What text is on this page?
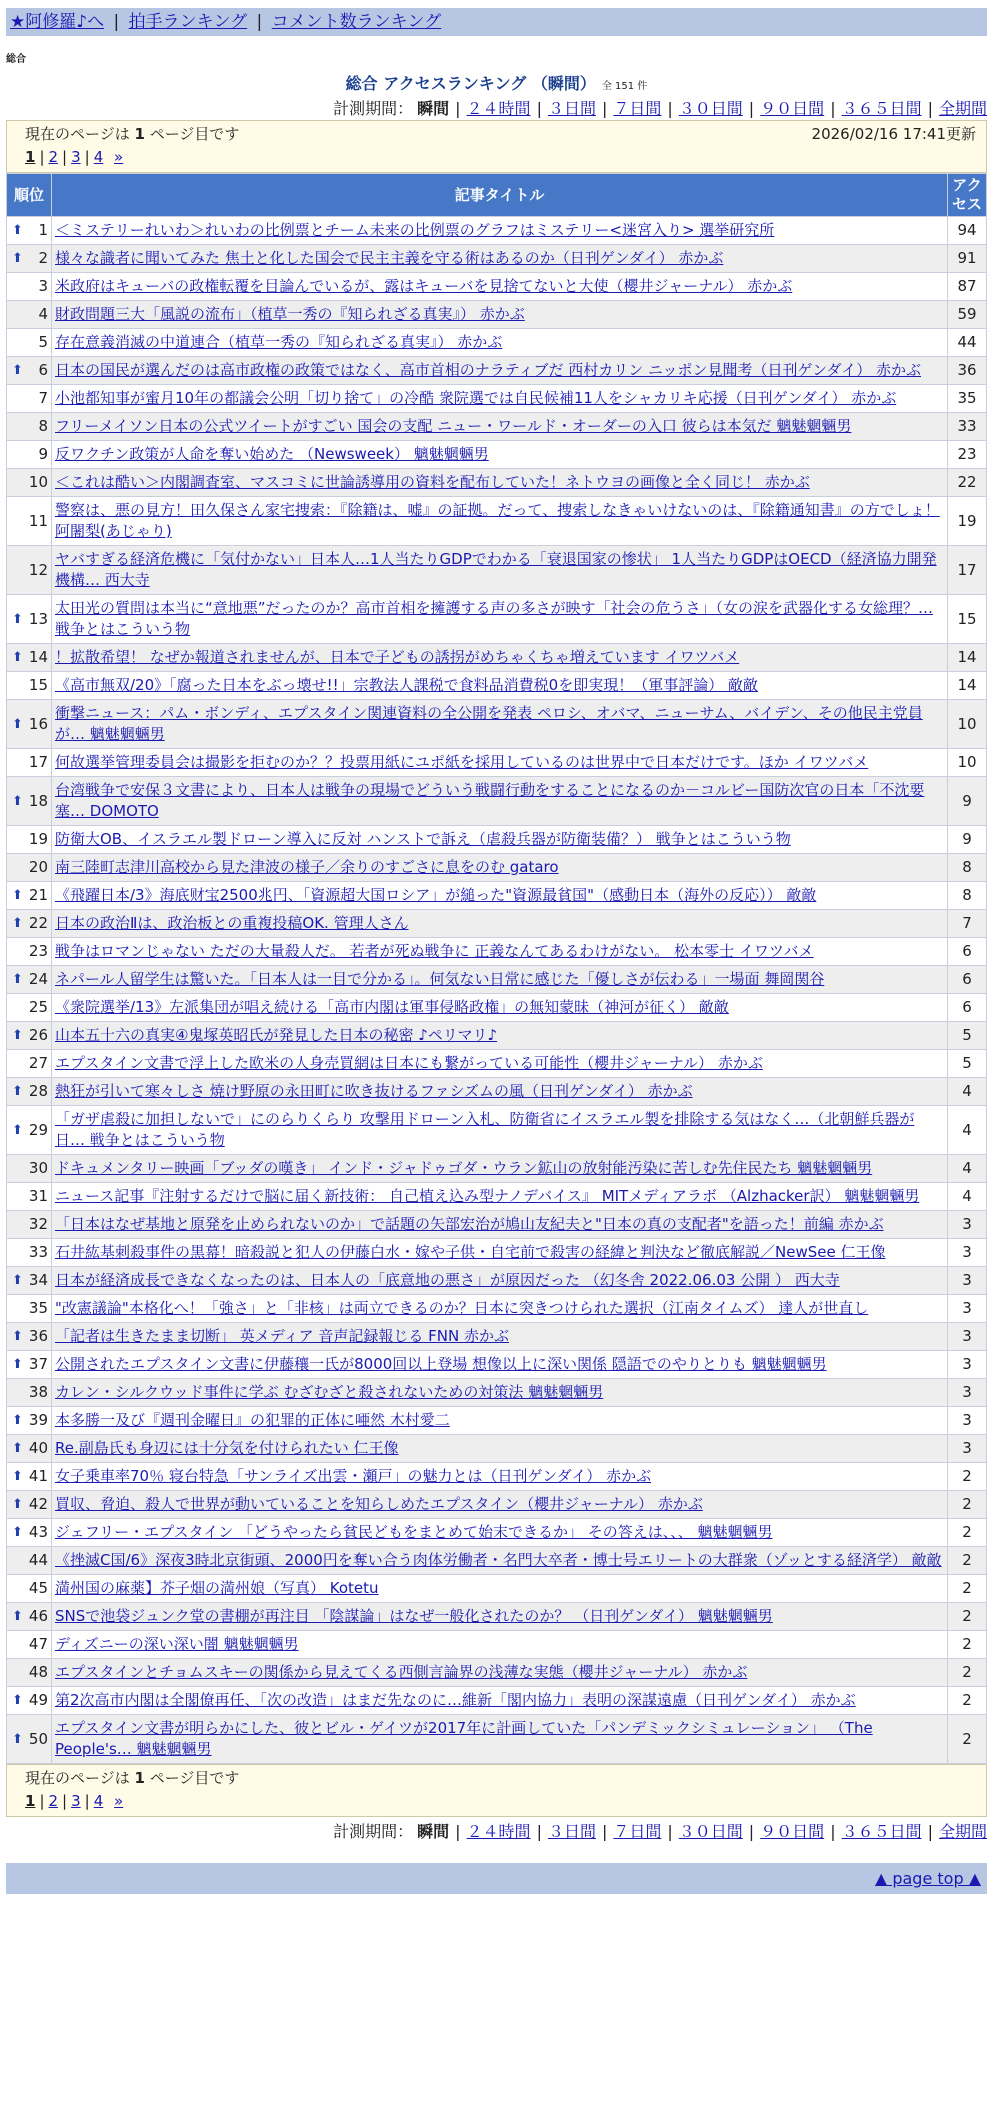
★阿修羅♪へ | 拍手ランキング | コメント数ランキング
総合
総合 アクセスランキング （瞬間） 全 151 件
計測期間： 瞬間 | ２４時間 | ３日間 | ７日間 | ３０日間 | ９０日間 | ３６５日間 | 全期間
現在のページは 1 ページ目です	2026/02/16 17:41更新
1 | 2 | 3 | 4 »
順位	記事タイトル	アクセス

⬆ 1	＜ミステリーれいわ＞れいわの比例票とチーム未来の比例票のグラフはミステリー<迷宮入り> 選挙研究所	94

⬆ 2	様々な識者に聞いてみた 焦土と化した国会で民主主義を守る術はあるのか（日刊ゲンダイ） 赤かぶ	91
3	米政府はキューバの政権転覆を目論んでいるが、露はキューバを見捨てないと大使（櫻井ジャーナル） 赤かぶ	87
4	財政問題三大「風説の流布」（植草一秀の『知られざる真実』） 赤かぶ	59
5	存在意義消滅の中道連合（植草一秀の『知られざる真実』） 赤かぶ	44

⬆ 6	日本の国民が選んだのは高市政権の政策ではなく、高市首相のナラティブだ 西村カリン ニッポン見聞考（日刊ゲンダイ） 赤かぶ	36
7	小池都知事が蜜月10年の都議会公明「切り捨て」の冷酷 衆院選では自民候補11人をシャカリキ応援（日刊ゲンダイ） 赤かぶ	35
8	フリーメイソン日本の公式ツイートがすごい 国会の支配 ニュー・ワールド・オーダーの入口 彼らは本気だ 魑魅魍魎男	33
9	反ワクチン政策が人命を奪い始めた （Newsweek） 魑魅魍魎男	23
10	＜これは酷い＞内閣調査室、マスコミに世論誘導用の資料を配布していた！ネトウヨの画像と全く同じ！ 赤かぶ	22
11	警察は、悪の見方！田久保さん家宅捜索：『除籍は、嘘』の証拠。だって、捜索しなきゃいけないのは、『除籍通知書』の方でしょ！ 阿闍梨(あじゃり)	19
12	ヤバすぎる経済危機に「気付かない」日本人…1人当たりGDPでわかる「衰退国家の惨状」 1人当たりGDPはOECD（経済協力開発機構… 西大寺	17

⬆ 13	太田光の質問は本当に“意地悪”だったのか？高市首相を擁護する声の多さが映す「社会の危うさ」（女の涙を武器化する女総理？… 戦争とはこういう物	15

⬆ 14	！拡散希望！ なぜか報道されませんが、日本で子どもの誘拐がめちゃくちゃ増えています イワツバメ	14
15	《高市無双/20》「腐った日本をぶっ壊せ!!」宗教法人課税で食料品消費税0を即実現！（軍事評論） 敵敵	14

⬆ 16	衝撃ニュース：パム・ボンディ、エプスタイン関連資料の全公開を発表 ペロシ、オバマ、ニューサム、バイデン、その他民主党員が… 魑魅魍魎男	10
17	何故選挙管理委員会は撮影を拒むのか？？投票用紙にユポ紙を採用しているのは世界中で日本だけです。ほか イワツバメ	10

⬆ 18	台湾戦争で安保３文書により、日本人は戦争の現場でどういう戦闘行動をすることになるのか－コルビー国防次官の日本「不沈要塞… DOMOTO	9
19	防衛大OB、イスラエル製ドローン導入に反対 ハンストで訴え（虐殺兵器が防衛装備？） 戦争とはこういう物	9
20	南三陸町志津川高校から見た津波の様子／余りのすごさに息をのむ gataro	8

⬆ 21	《飛躍日本/3》海底财宝2500兆円、「資源超大国ロシア」が縋った"資源最貧国"（感動日本（海外の反応）） 敵敵	8

⬆ 22	日本の政治Ⅱは、政治板との重複投稿OK. 管理人さん	7
23	戦争はロマンじゃない ただの大量殺人だ。 若者が死ぬ戦争に 正義なんてあるわけがない。 松本零士 イワツバメ	6

⬆ 24	ネパール人留学生は驚いた。「日本人は一目で分かる」。何気ない日常に感じた「優しさが伝わる」一場面 舞岡関谷	6
25	《衆院選挙/13》左派集団が唱え続ける「高市内閣は軍事侵略政権」の無知蒙昧（神河が征く） 敵敵	6

⬆ 26	山本五十六の真実④鬼塚英昭氏が発見した日本の秘密 ♪ペリマリ♪	5
27	エプスタイン文書で浮上した欧米の人身売買網は日本にも繋がっている可能性（櫻井ジャーナル） 赤かぶ	5

⬆ 28	熱狂が引いて寒々しさ 焼け野原の永田町に吹き抜けるファシズムの風（日刊ゲンダイ） 赤かぶ	4

⬆ 29	「ガザ虐殺に加担しないで」にのらりくらり 攻撃用ドローン入札、防衛省にイスラエル製を排除する気はなく…（北朝鮮兵器が日… 戦争とはこういう物	4
30	ドキュメンタリー映画「ブッダの嘆き」 インド・ジャドゥゴダ・ウラン鉱山の放射能汚染に苦しむ先住民たち 魑魅魍魎男	4
31	ニュース記事『注射するだけで脳に届く新技術： 自己植え込み型ナノデバイス』 MITメディアラボ （Alzhacker訳） 魑魅魍魎男	4
32	「日本はなぜ基地と原発を止められないのか」で話題の矢部宏治が鳩山友紀夫と"日本の真の支配者"を語った！前編 赤かぶ	3
33	石井紘基刺殺事件の黒幕！暗殺説と犯人の伊藤白水・嫁や子供・自宅前で殺害の経緯と判決など徹底解説／NewSee 仁王像	3

⬆ 34	日本が経済成長できなくなったのは、日本人の「底意地の悪さ」が原因だった （幻冬舎 2022.06.03 公開 ） 西大寺	3
35	"改憲議論"本格化へ！「強さ」と「非核」は両立できるのか？日本に突きつけられた選択（江南タイムズ） 達人が世直し	3

⬆ 36	「記者は生きたまま切断」 英メディア 音声記録報じる FNN 赤かぶ	3

⬆ 37	公開されたエプスタイン文書に伊藤穰一氏が8000回以上登場 想像以上に深い関係 隠語でのやりとりも 魑魅魍魎男	3
38	カレン・シルクウッド事件に学ぶ むざむざと殺されないための対策法 魑魅魍魎男	3

⬆ 39	本多勝一及び『週刊金曜日』の犯罪的正体に唖然 木村愛二	3

⬆ 40	Re.副島氏も身辺には十分気を付けられたい 仁王像	3

⬆ 41	女子乗車率70％ 寝台特急「サンライズ出雲・瀬戸」の魅力とは（日刊ゲンダイ） 赤かぶ	2

⬆ 42	買収、脅迫、殺人で世界が動いていることを知らしめたエプスタイン（櫻井ジャーナル） 赤かぶ	2

⬆ 43	ジェフリー・エプスタイン 「どうやったら貧民どもをまとめて始末できるか」 その答えは、、、 魑魅魍魎男	2
44	《挫滅C国/6》深夜3時北京街頭、2000円を奪い合う肉体労働者・名門大卒者・博士号エリートの大群衆（ゾッとする経済学） 敵敵	2
45	満州国の麻薬】芥子畑の満州娘（写真） Kotetu	2

⬆ 46	SNSで池袋ジュンク堂の書棚が再注目 「陰謀論」はなぜ一般化されたのか？ （日刊ゲンダイ） 魑魅魍魎男	2
47	ディズニーの深い深い闇 魑魅魍魎男	2
48	エプスタインとチョムスキーの関係から見えてくる西側言論界の浅薄な実態（櫻井ジャーナル） 赤かぶ	2

⬆ 49	第2次高市内閣は全閣僚再任、「次の改造」はまだ先なのに…維新「閣内協力」表明の深謀遠慮（日刊ゲンダイ） 赤かぶ	2

⬆ 50	エプスタイン文書が明らかにした、彼とビル・ゲイツが2017年に計画していた「パンデミックシミュレーション」 （The People's… 魑魅魍魎男	2
現在のページは 1 ページ目です
1 | 2 | 3 | 4 »
計測期間： 瞬間 | ２４時間 | ３日間 | ７日間 | ３０日間 | ９０日間 | ３６５日間 | 全期間
▲ page top ▲
